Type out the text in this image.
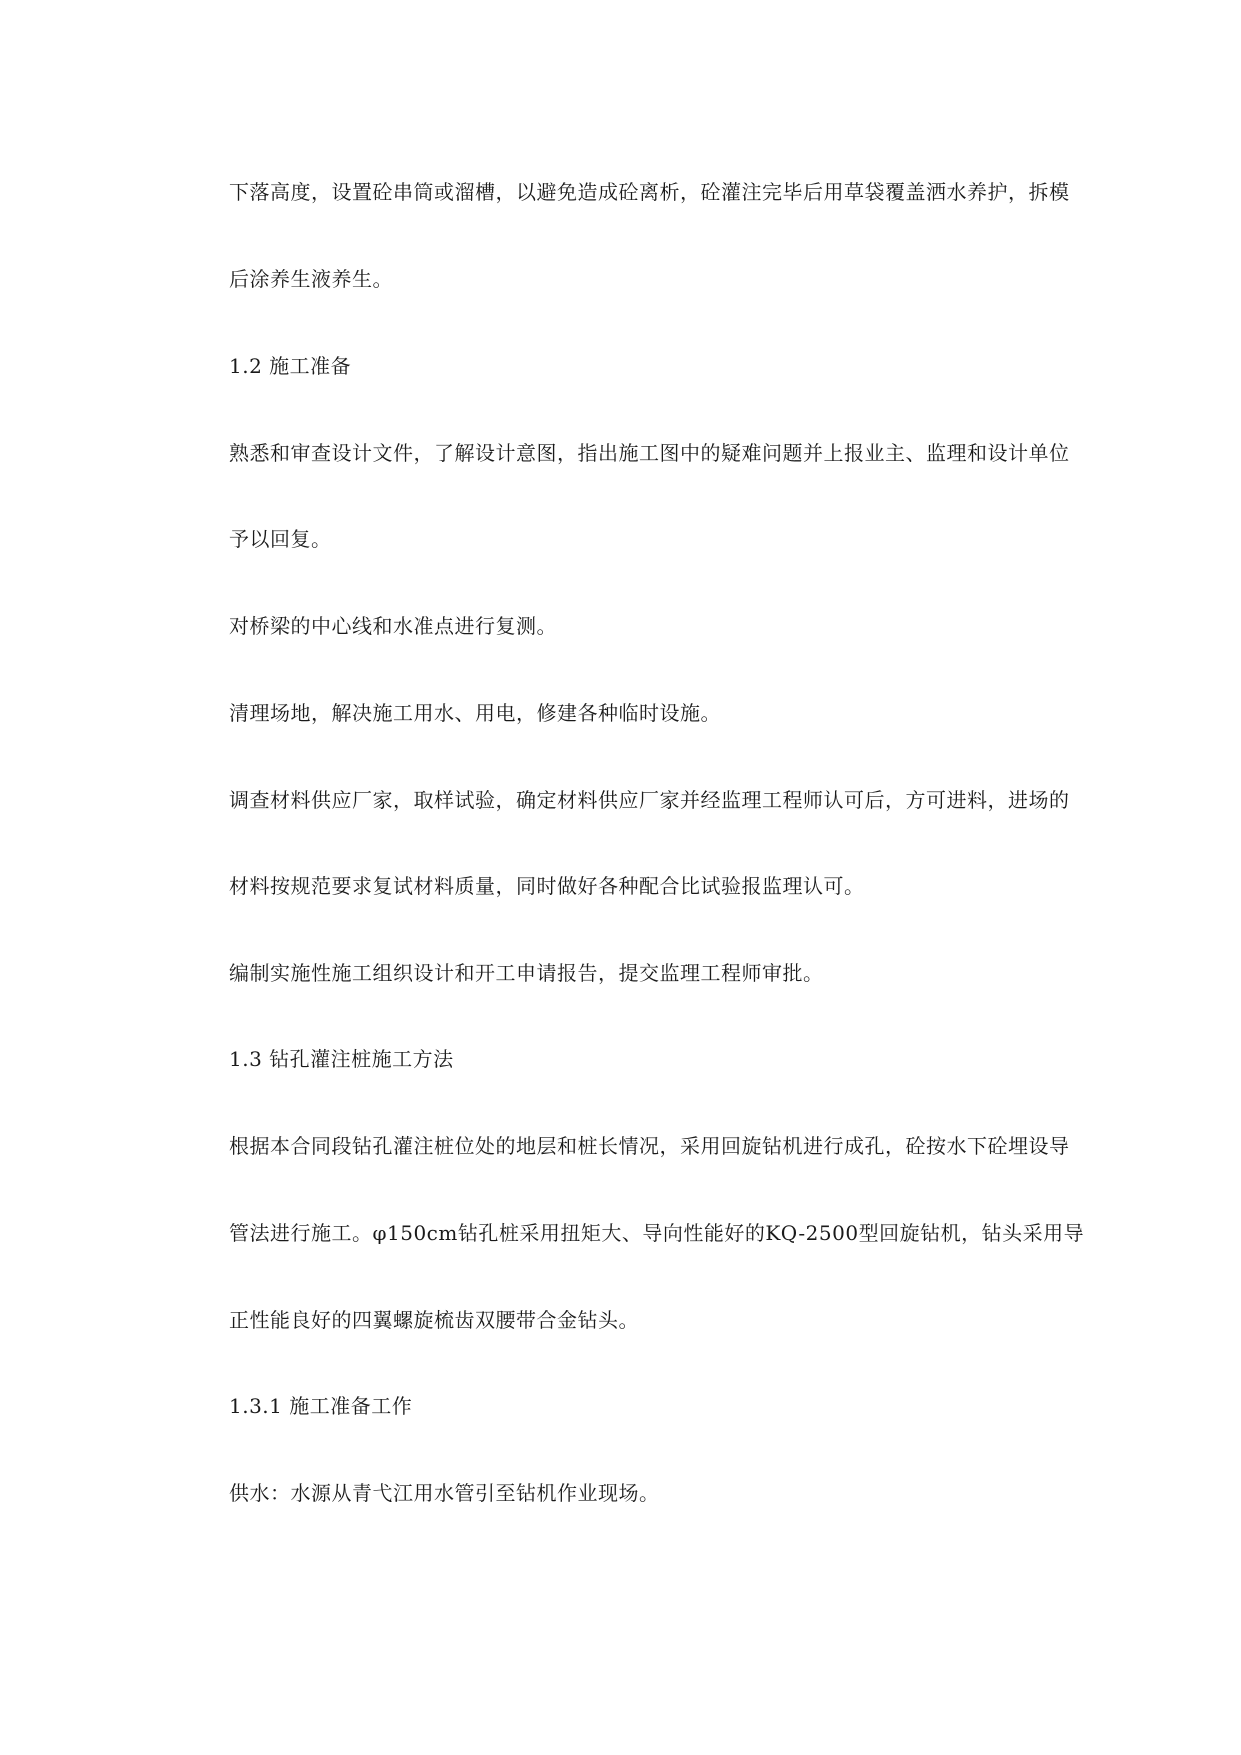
下落高度，设置砼串筒或溜槽，以避免造成砼离析，砼灌注完毕后用草袋覆盖洒水养护，拆模
后涂养生液养生。
1.2 施工准备
熟悉和审查设计文件，了解设计意图，指出施工图中的疑难问题并上报业主、监理和设计单位
予以回复。
对桥梁的中心线和水准点进行复测。
清理场地，解决施工用水、用电，修建各种临时设施。
调查材料供应厂家，取样试验，确定材料供应厂家并经监理工程师认可后，方可进料，进场的
材料按规范要求复试材料质量，同时做好各种配合比试验报监理认可。
编制实施性施工组织设计和开工申请报告，提交监理工程师审批。
1.3 钻孔灌注桩施工方法
根据本合同段钻孔灌注桩位处的地层和桩长情况，采用回旋钻机进行成孔，砼按水下砼埋设导
管法进行施工。φ150cm钻孔桩采用扭矩大、导向性能好的KQ-2500型回旋钻机，钻头采用导
正性能良好的四翼螺旋梳齿双腰带合金钻头。
1.3.1 施工准备工作
供水：水源从青弋江用水管引至钻机作业现场。
